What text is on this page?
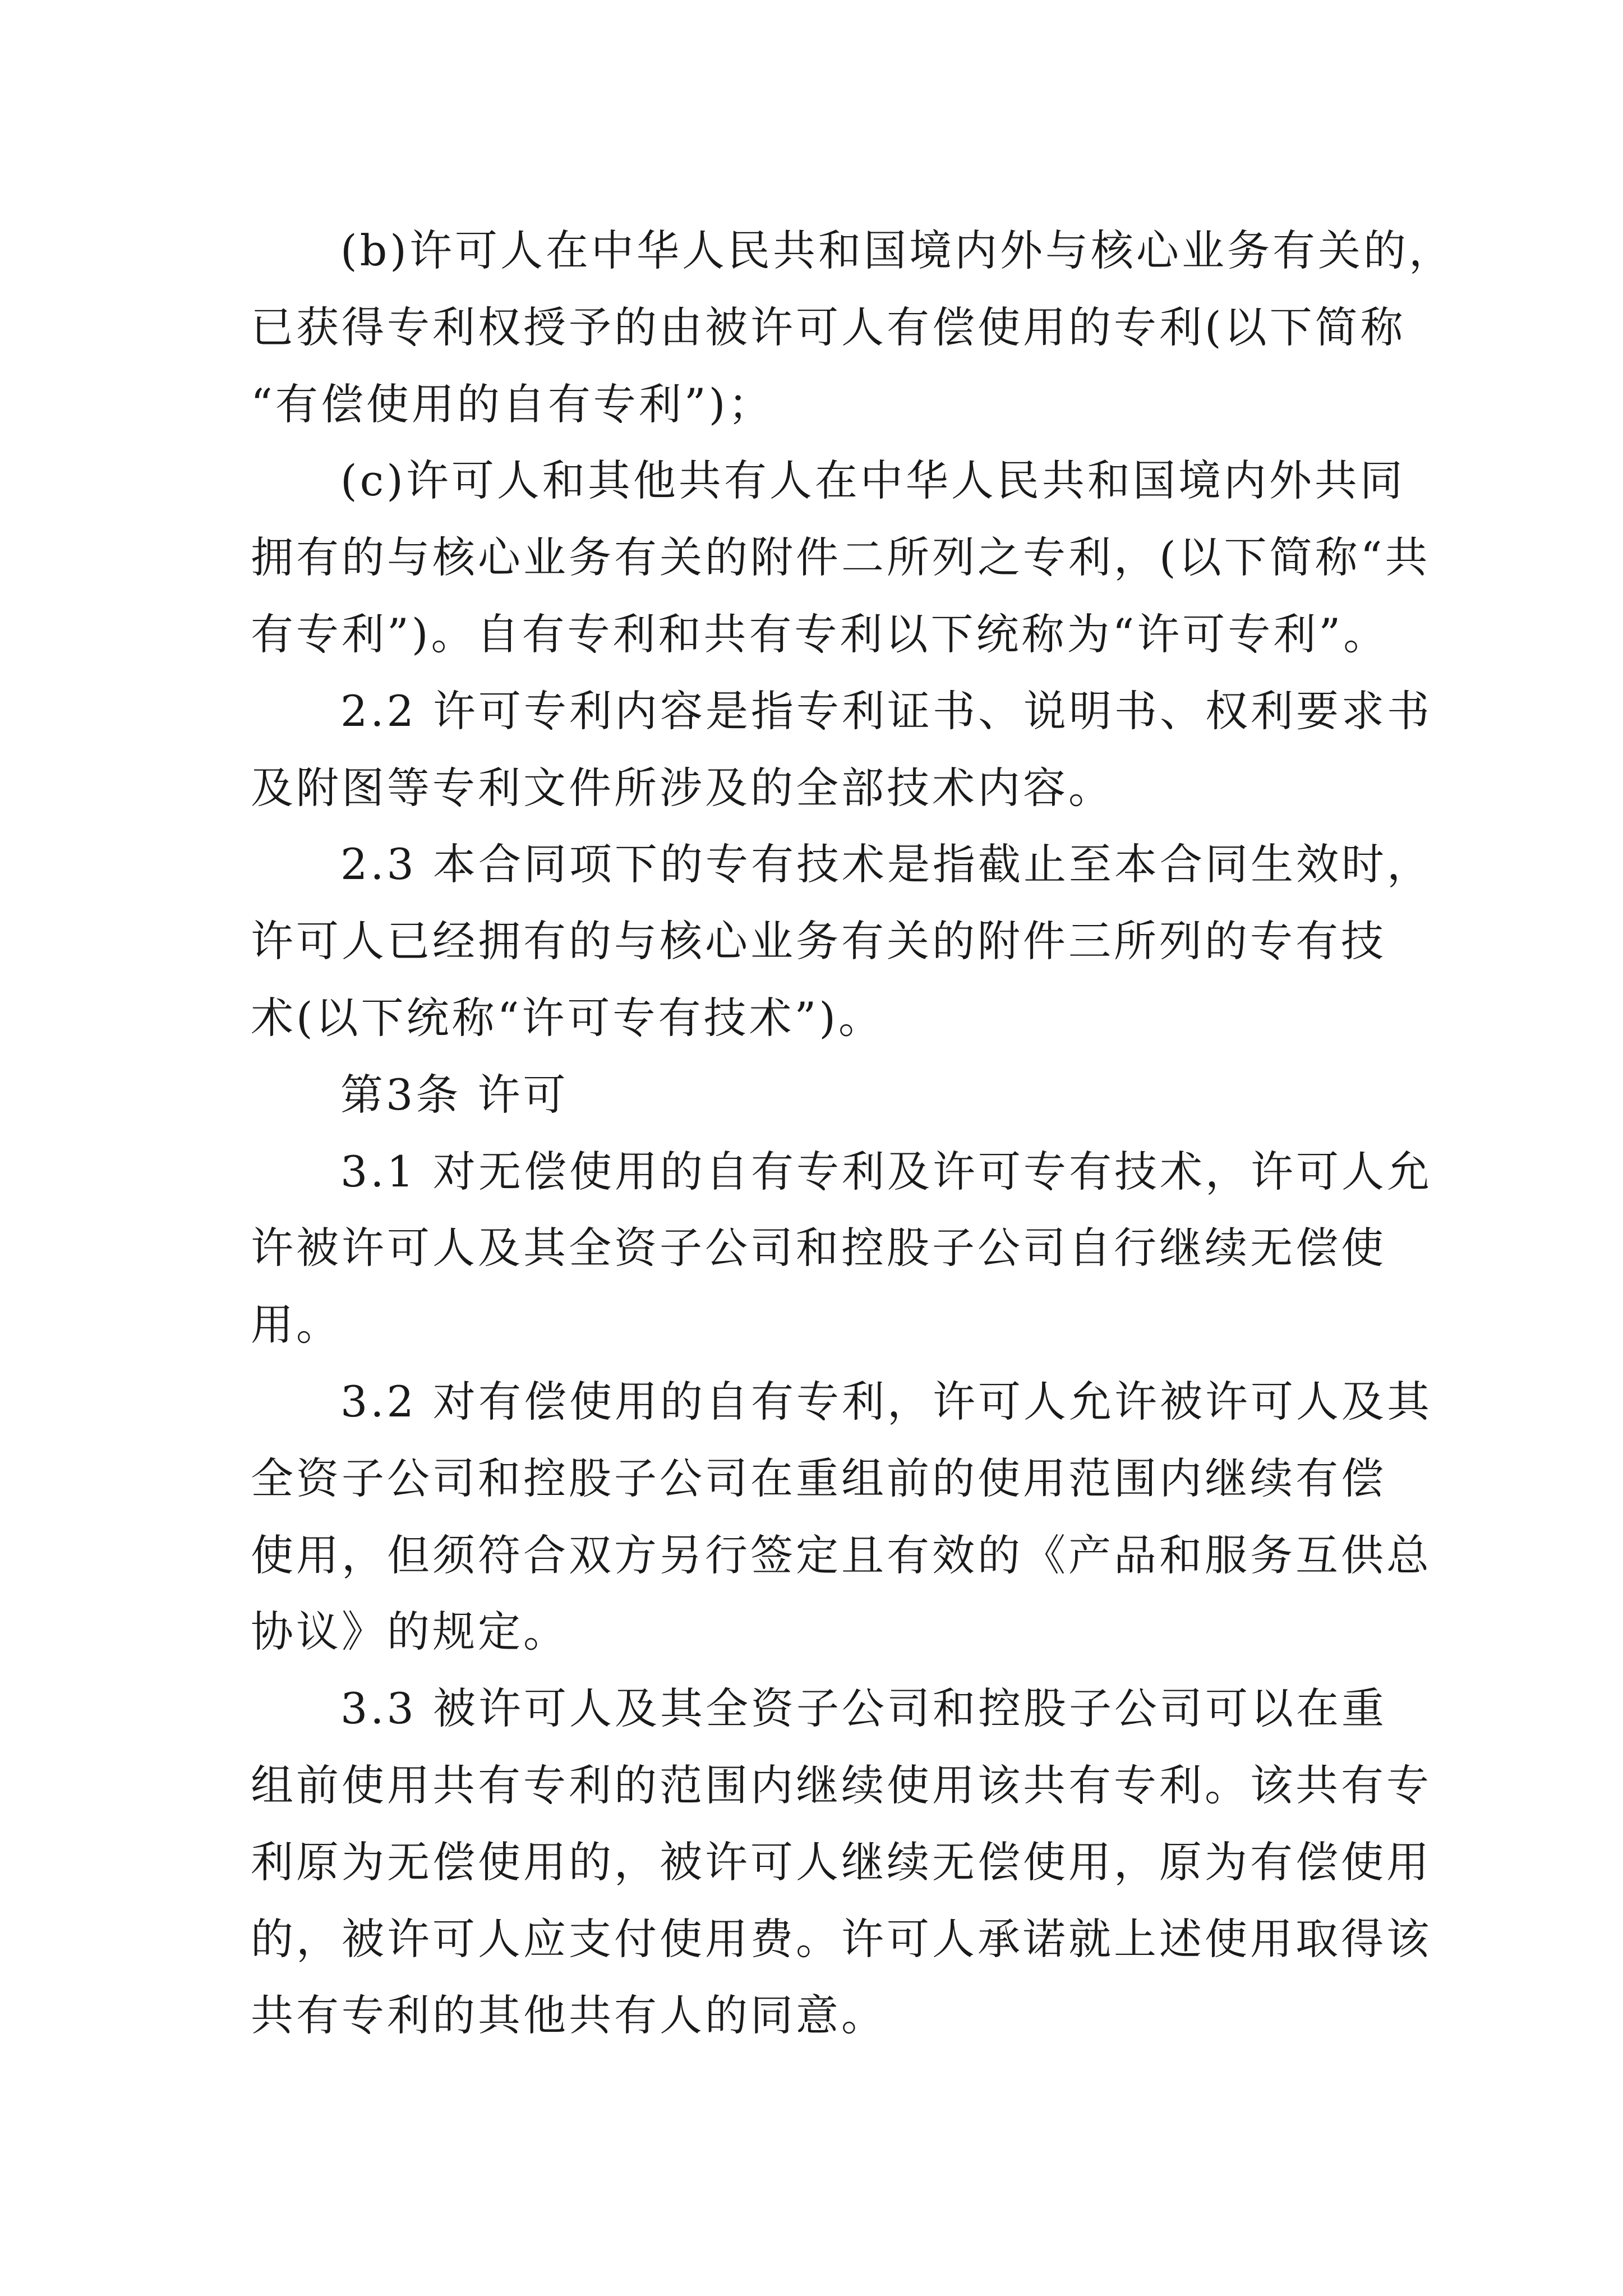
(b)许可人在中华人民共和国境内外与核心业务有关的，
已获得专利权授予的由被许可人有偿使用的专利(以下简称
“有偿使用的自有专利”)；
(c)许可人和其他共有人在中华人民共和国境内外共同
拥有的与核心业务有关的附件二所列之专利，(以下简称“共
有专利”)。自有专利和共有专利以下统称为“许可专利”。
2.2 许可专利内容是指专利证书、说明书、权利要求书
及附图等专利文件所涉及的全部技术内容。
2.3 本合同项下的专有技术是指截止至本合同生效时，
许可人已经拥有的与核心业务有关的附件三所列的专有技
术(以下统称“许可专有技术”)。
第3条 许可
3.1 对无偿使用的自有专利及许可专有技术，许可人允
许被许可人及其全资子公司和控股子公司自行继续无偿使
用。
3.2 对有偿使用的自有专利，许可人允许被许可人及其
全资子公司和控股子公司在重组前的使用范围内继续有偿
使用，但须符合双方另行签定且有效的《产品和服务互供总
协议》的规定。
3.3 被许可人及其全资子公司和控股子公司可以在重
组前使用共有专利的范围内继续使用该共有专利。该共有专
利原为无偿使用的，被许可人继续无偿使用，原为有偿使用
的，被许可人应支付使用费。许可人承诺就上述使用取得该
共有专利的其他共有人的同意。
